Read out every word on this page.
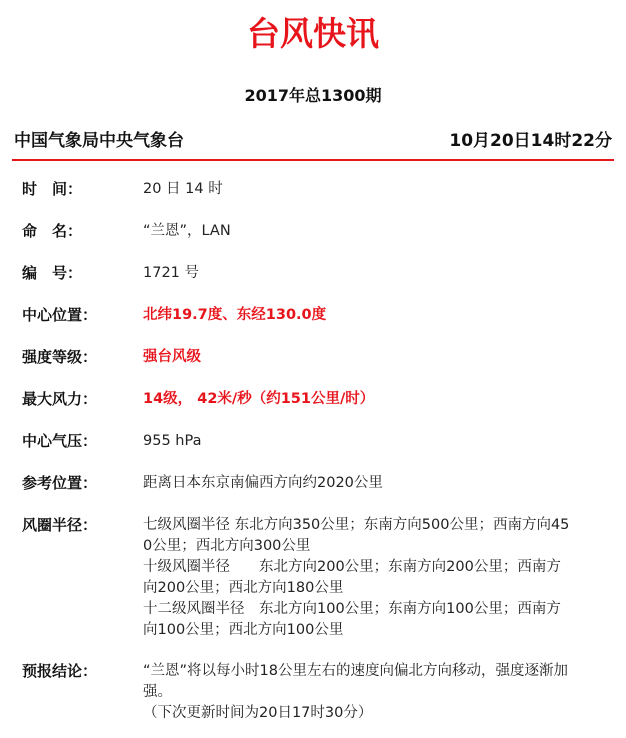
台风快讯
2017年总1300期
中国气象局中央气象台	10月20日14时22分
时　间：	20 日 14 时
命　名：	“兰恩”，LAN
编　号：	1721 号
中心位置：	北纬19.7度、东经130.0度
强度等级：	强台风级
最大风力：	14级， 42米/秒（约151公里/时）
中心气压：	955 hPa
参考位置：	距离日本东京南偏西方向约2020公里
风圈半径：	七级风圈半径 东北方向350公里；东南方向500公里；西南方向45
0公里；西北方向300公里
十级风圈半径　　东北方向200公里；东南方向200公里；西南方
向200公里；西北方向180公里
十二级风圈半径　东北方向100公里；东南方向100公里；西南方
向100公里；西北方向100公里
预报结论：	“兰恩”将以每小时18公里左右的速度向偏北方向移动，强度逐渐加
强。
（下次更新时间为20日17时30分）
